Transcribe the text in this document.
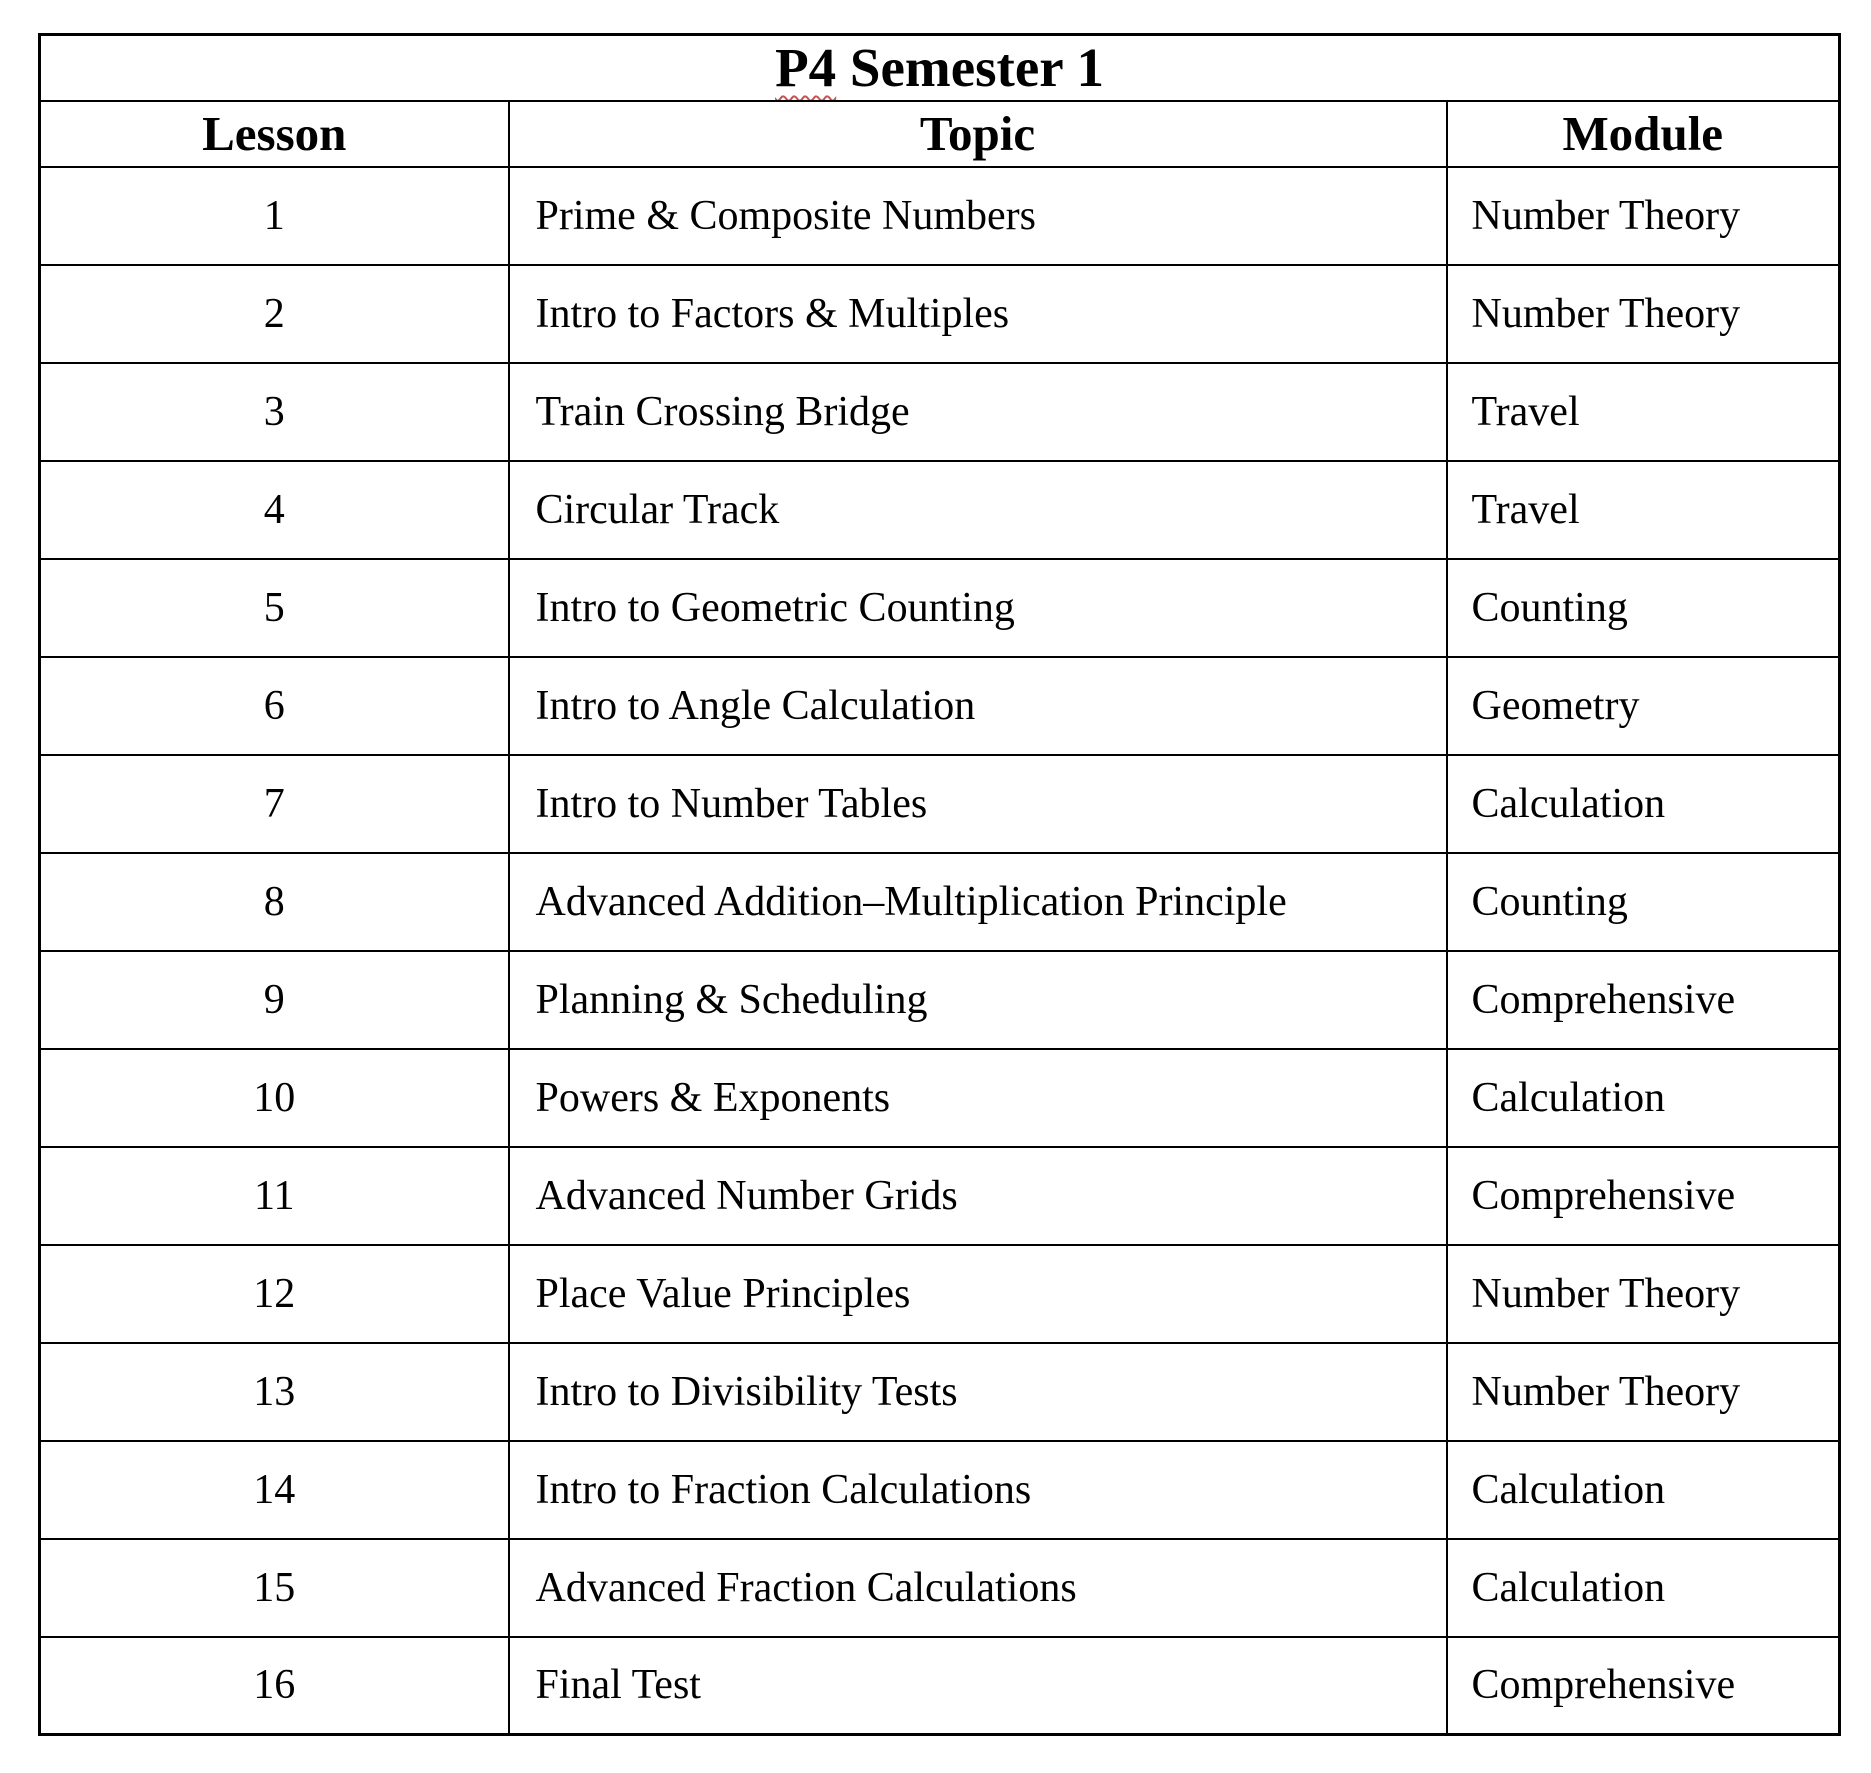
P4 Semester 1		
Lesson	Topic	Module
1	Prime & Composite Numbers	Number Theory
2	Intro to Factors & Multiples	Number Theory
3	Train Crossing Bridge	Travel
4	Circular Track	Travel
5	Intro to Geometric Counting	Counting
6	Intro to Angle Calculation	Geometry
7	Intro to Number Tables	Calculation
8	Advanced Addition–Multiplication Principle	Counting
9	Planning & Scheduling	Comprehensive
10	Powers & Exponents	Calculation
11	Advanced Number Grids	Comprehensive
12	Place Value Principles	Number Theory
13	Intro to Divisibility Tests	Number Theory
14	Intro to Fraction Calculations	Calculation
15	Advanced Fraction Calculations	Calculation
16	Final Test	Comprehensive
